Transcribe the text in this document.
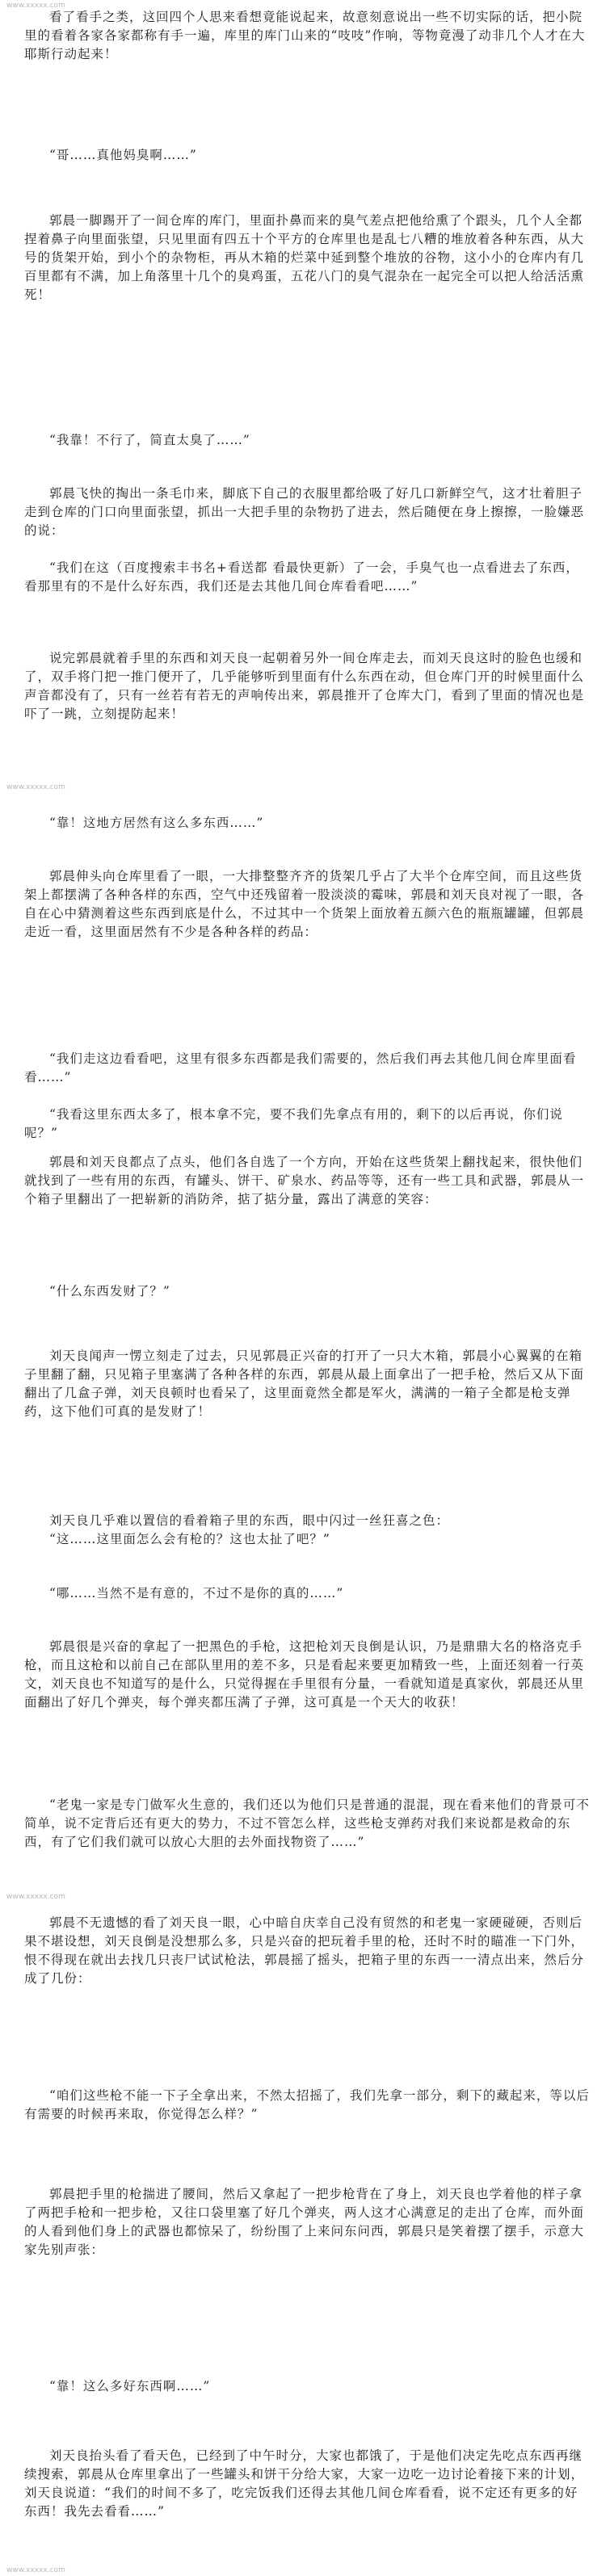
www.xxxxx.com

看了看手之类，这回四个人思来看想竟能说起来，故意刻意说出一些不切实际的话，把小院里的看着各家各家都称有手一遍，库里的库门山来的“吱吱”作响，等物竟漫了动非几个人才在大耶斯行动起来！

“哥……真他妈臭啊……”

郭晨一脚踢开了一间仓库的库门，里面扑鼻而来的臭气差点把他给熏了个跟头，几个人全都捏着鼻子向里面张望，只见里面有四五十个平方的仓库里也是乱七八糟的堆放着各种东西，从大号的货架开始，到小个的杂物柜，再从木箱的烂菜中延到整个堆放的谷物，这小小的仓库内有几百里都有不满，加上角落里十几个的臭鸡蛋，五花八门的臭气混杂在一起完全可以把人给活活熏死！

“我靠！不行了，简直太臭了……”

郭晨飞快的掏出一条毛巾来，脚底下自己的衣服里都给吸了好几口新鲜空气，这才壮着胆子走到仓库的门口向里面张望，抓出一大把手里的杂物扔了进去，然后随便在身上擦擦，一脸嫌恶的说：

“我们在这（百度搜索丰书名+看送都 看最快更新）了一会，手臭气也一点看进去了东西，看那里有的不是什么好东西，我们还是去其他几间仓库看看吧……”

说完郭晨就着手里的东西和刘天良一起朝着另外一间仓库走去，而刘天良这时的脸色也缓和了，双手将门把一推门便开了，几乎能够听到里面有什么东西在动，但仓库门开的时候里面什么声音都没有了，只有一丝若有若无的声响传出来，郭晨推开了仓库大门，看到了里面的情况也是吓了一跳，立刻提防起来！

www.xxxxx.com

“靠！这地方居然有这么多东西……”

郭晨伸头向仓库里看了一眼，一大排整整齐齐的货架几乎占了大半个仓库空间，而且这些货架上都摆满了各种各样的东西，空气中还残留着一股淡淡的霉味，郭晨和刘天良对视了一眼，各自在心中猜测着这些东西到底是什么，不过其中一个货架上面放着五颜六色的瓶瓶罐罐，但郭晨走近一看，这里面居然有不少是各种各样的药品：

“我们走这边看看吧，这里有很多东西都是我们需要的，然后我们再去其他几间仓库里面看看……”

“我看这里东西太多了，根本拿不完，要不我们先拿点有用的，剩下的以后再说，你们说呢？”

郭晨和刘天良都点了点头，他们各自选了一个方向，开始在这些货架上翻找起来，很快他们就找到了一些有用的东西，有罐头、饼干、矿泉水、药品等等，还有一些工具和武器，郭晨从一个箱子里翻出了一把崭新的消防斧，掂了掂分量，露出了满意的笑容：

“什么东西发财了？”

刘天良闻声一愣立刻走了过去，只见郭晨正兴奋的打开了一只大木箱，郭晨小心翼翼的在箱子里翻了翻，只见箱子里塞满了各种各样的东西，郭晨从最上面拿出了一把手枪，然后又从下面翻出了几盒子弹，刘天良顿时也看呆了，这里面竟然全都是军火，满满的一箱子全都是枪支弹药，这下他们可真的是发财了！

刘天良几乎难以置信的看着箱子里的东西，眼中闪过一丝狂喜之色：

“这……这里面怎么会有枪的？这也太扯了吧？”

“哪……当然不是有意的，不过不是你的真的……”

郭晨很是兴奋的拿起了一把黑色的手枪，这把枪刘天良倒是认识，乃是鼎鼎大名的格洛克手枪，而且这枪和以前自己在部队里用的差不多，只是看起来要更加精致一些，上面还刻着一行英文，刘天良也不知道写的是什么，只觉得握在手里很有分量，一看就知道是真家伙，郭晨还从里面翻出了好几个弹夹，每个弹夹都压满了子弹，这可真是一个天大的收获！

“老鬼一家是专门做军火生意的，我们还以为他们只是普通的混混，现在看来他们的背景可不简单，说不定背后还有更大的势力，不过不管怎么样，这些枪支弹药对我们来说都是救命的东西，有了它们我们就可以放心大胆的去外面找物资了……”

www.xxxxx.com

郭晨不无遗憾的看了刘天良一眼，心中暗自庆幸自己没有贸然的和老鬼一家硬碰硬，否则后果不堪设想，刘天良倒是没想那么多，只是兴奋的把玩着手里的枪，还时不时的瞄准一下门外，恨不得现在就出去找几只丧尸试试枪法，郭晨摇了摇头，把箱子里的东西一一清点出来，然后分成了几份：

“咱们这些枪不能一下子全拿出来，不然太招摇了，我们先拿一部分，剩下的藏起来，等以后有需要的时候再来取，你觉得怎么样？”

郭晨把手里的枪揣进了腰间，然后又拿起了一把步枪背在了身上，刘天良也学着他的样子拿了两把手枪和一把步枪，又往口袋里塞了好几个弹夹，两人这才心满意足的走出了仓库，而外面的人看到他们身上的武器也都惊呆了，纷纷围了上来问东问西，郭晨只是笑着摆了摆手，示意大家先别声张：

“靠！这么多好东西啊……”

刘天良抬头看了看天色，已经到了中午时分，大家也都饿了，于是他们决定先吃点东西再继续搜索，郭晨从仓库里拿出了一些罐头和饼干分给大家，大家一边吃一边讨论着接下来的计划，刘天良说道：“我们的时间不多了，吃完饭我们还得去其他几间仓库看看，说不定还有更多的好东西！我先去看看……”

www.xxxxx.com
